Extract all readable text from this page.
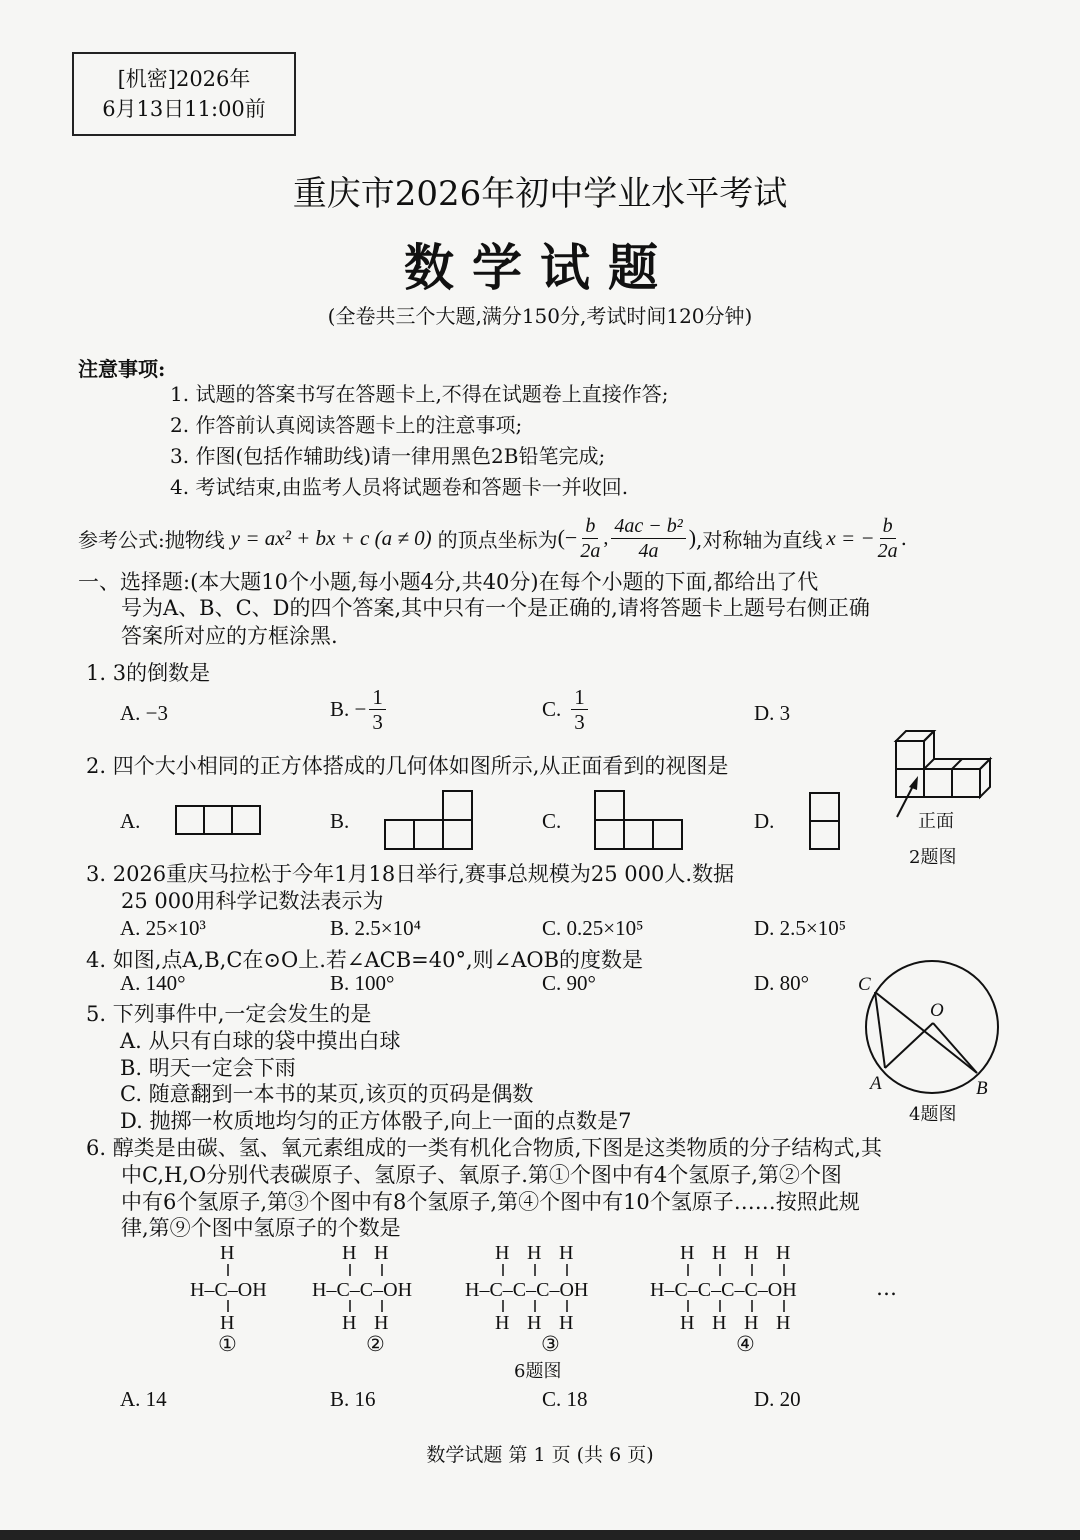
[机密]2026年
6月13日11:00前
重庆市2026年初中学业水平考试
数学试题
(全卷共三个大题,满分150分,考试时间120分钟)
注意事项:
1. 试题的答案书写在答题卡上,不得在试题卷上直接作答;
2. 作答前认真阅读答题卡上的注意事项;
3. 作图(包括作辅助线)请一律用黑色2B铅笔完成;
4. 考试结束,由监考人员将试题卷和答题卡一并收回.
参考公式:抛物线 y = ax² + bx + c (a ≠ 0) 的顶点坐标为 (− $\frac{b}{2a}$ , $\frac{\text{4ac − b²}}{4a}$ ) ,对称轴为直线 x = − $\frac{b}{2a}$ .
一、选择题:(本大题10个小题,每小题4分,共40分)在每个小题的下面,都给出了代
号为A、B、C、D的四个答案,其中只有一个是正确的,请将答题卡上题号右侧正确
答案所对应的方框涂黑.
1. 3的倒数是
A. −3	B. − $\frac{1}{3}$	C. $\frac{1}{3}$	D. 3
2. 四个大小相同的正方体搭成的几何体如图所示,从正面看到的视图是
A.	B.	C.	D.	正面
2题图
3. 2026重庆马拉松于今年1月18日举行,赛事总规模为25 000人.数据
25 000用科学记数法表示为
A. 25×10³	B. 2.5×10⁴	C. 0.25×10⁵	D. 2.5×10⁵
4. 如图,点A,B,C在⊙O上.若∠ACB=40°,则∠AOB的度数是
A. 140°	B. 100°	C. 90°	D. 80°	C
O
A	B
4题图
5. 下列事件中,一定会发生的是
A. 从只有白球的袋中摸出白球
B. 明天一定会下雨
C. 随意翻到一本书的某页,该页的页码是偶数
D. 抛掷一枚质地均匀的正方体骰子,向上一面的点数是7
6. 醇类是由碳、氢、氧元素组成的一类有机化合物质,下图是这类物质的分子结构式,其
中C,H,O分别代表碳原子、氢原子、氧原子.第①个图中有4个氢原子,第②个图
中有6个氢原子,第③个图中有8个氢原子,第④个图中有10个氢原子……按照此规
律,第⑨个图中氢原子的个数是
H
H–C–OH
H
H H
H–C–C–OH
H H
H H H
H–C–C–C–OH
H H H
H H H H
H–C–C–C–C–OH
H H H H
①	②	③	④
…
6题图
A. 14	B. 16	C. 18	D. 20
数学试题 第 1 页 (共 6 页)
